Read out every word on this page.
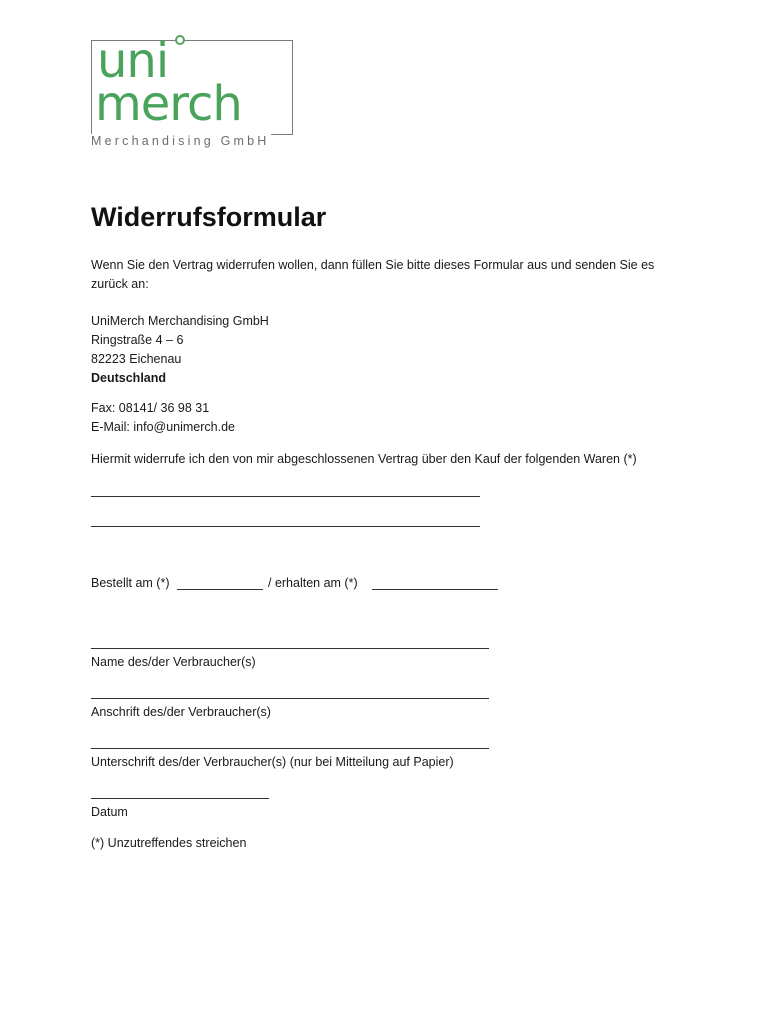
uni
merch
Merchandising GmbH
Widerrufsformular
Wenn Sie den Vertrag widerrufen wollen, dann füllen Sie bitte dieses Formular aus und senden Sie es zurück an:
UniMerch Merchandising GmbH
Ringstraße 4 – 6
82223 Eichenau
Deutschland
Fax: 08141/ 36 98 31
E-Mail: info@unimerch.de
Hiermit widerrufe ich den von mir abgeschlossenen Vertrag über den Kauf der folgenden Waren (*)
Bestellt am (*)	/ erhalten am (*)
Name des/der Verbraucher(s)
Anschrift des/der Verbraucher(s)
Unterschrift des/der Verbraucher(s) (nur bei Mitteilung auf Papier)
Datum
(*) Unzutreffendes streichen
